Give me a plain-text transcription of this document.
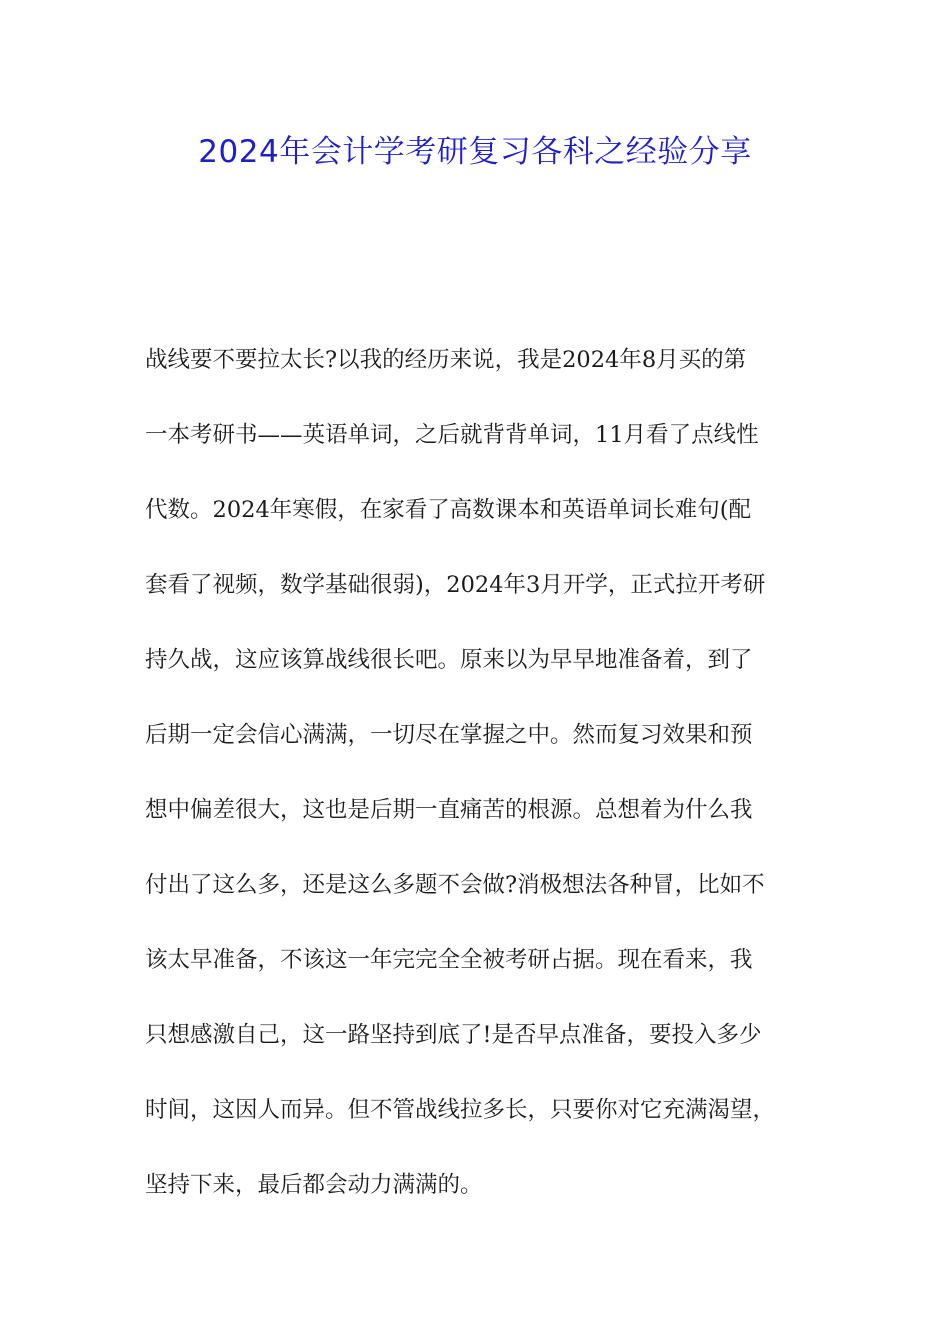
2024年会计学考研复习各科之经验分享
战线要不要拉太长?以我的经历来说，我是2024年8月买的第
一本考研书——英语单词，之后就背背单词，11月看了点线性
代数。2024年寒假，在家看了高数课本和英语单词长难句(配
套看了视频，数学基础很弱)，2024年3月开学，正式拉开考研
持久战，这应该算战线很长吧。原来以为早早地准备着，到了
后期一定会信心满满，一切尽在掌握之中。然而复习效果和预
想中偏差很大，这也是后期一直痛苦的根源。总想着为什么我
付出了这么多，还是这么多题不会做?消极想法各种冒，比如不
该太早准备，不该这一年完完全全被考研占据。现在看来，我
只想感激自己，这一路坚持到底了!是否早点准备，要投入多少
时间，这因人而异。但不管战线拉多长，只要你对它充满渴望，
坚持下来，最后都会动力满满的。
